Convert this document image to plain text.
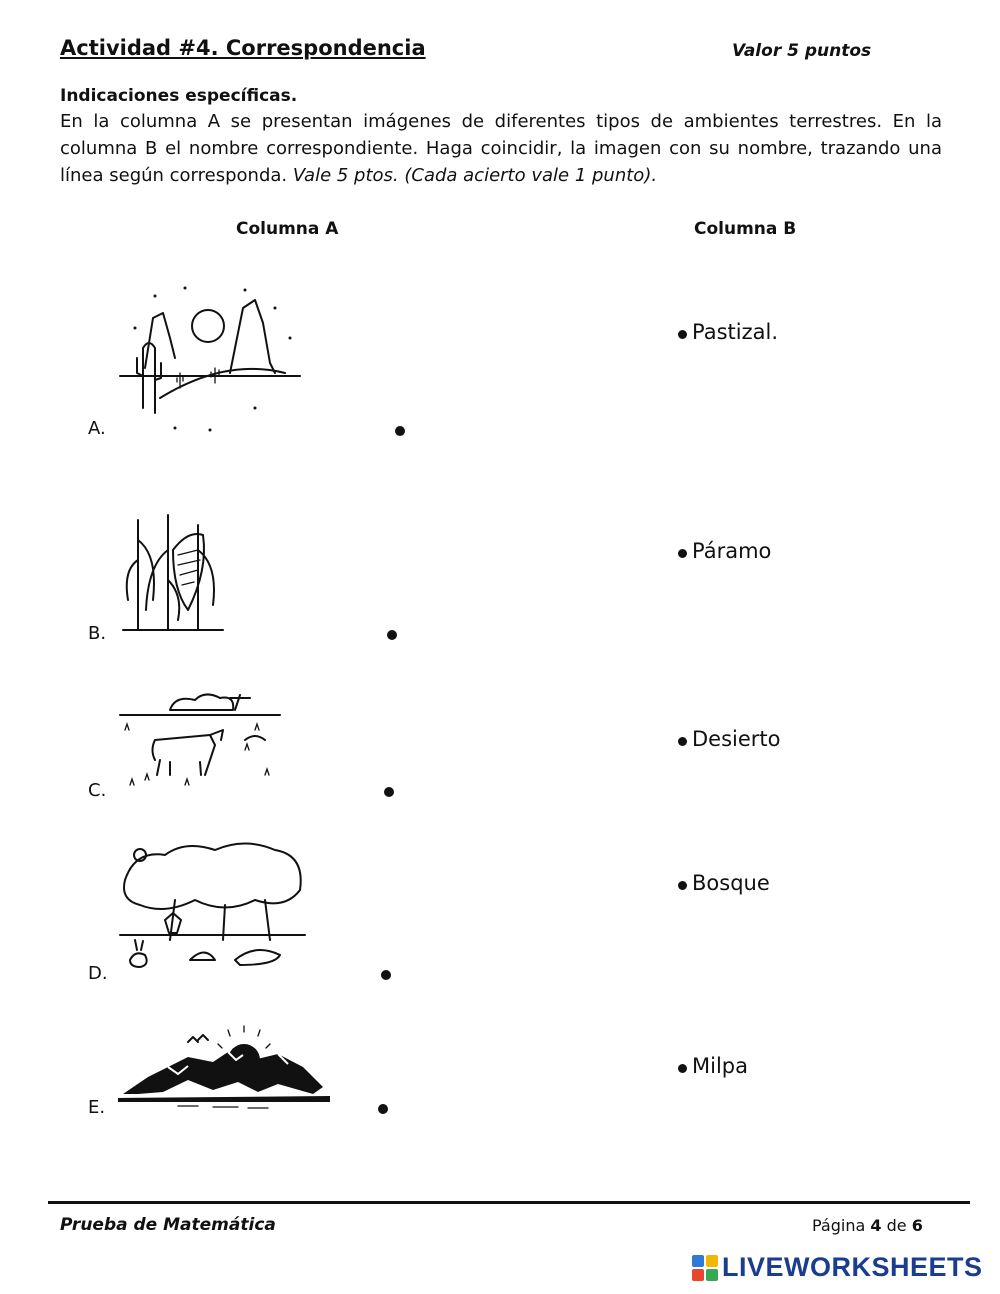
Actividad #4. Correspondencia	Valor 5 puntos
Indicaciones específicas.
En la columna A se presentan imágenes de diferentes tipos de ambientes terrestres. En la columna B el nombre correspondiente. Haga coincidir, la imagen con su nombre, trazando una línea según corresponda. Vale 5 ptos. (Cada acierto vale 1 punto).
Columna A	Columna B
A.
B.
C.
D.
E.
Pastizal.
Páramo
Desierto
Bosque
Milpa
Prueba de Matemática	Página 4 de 6
LIVEWORKSHEETS
